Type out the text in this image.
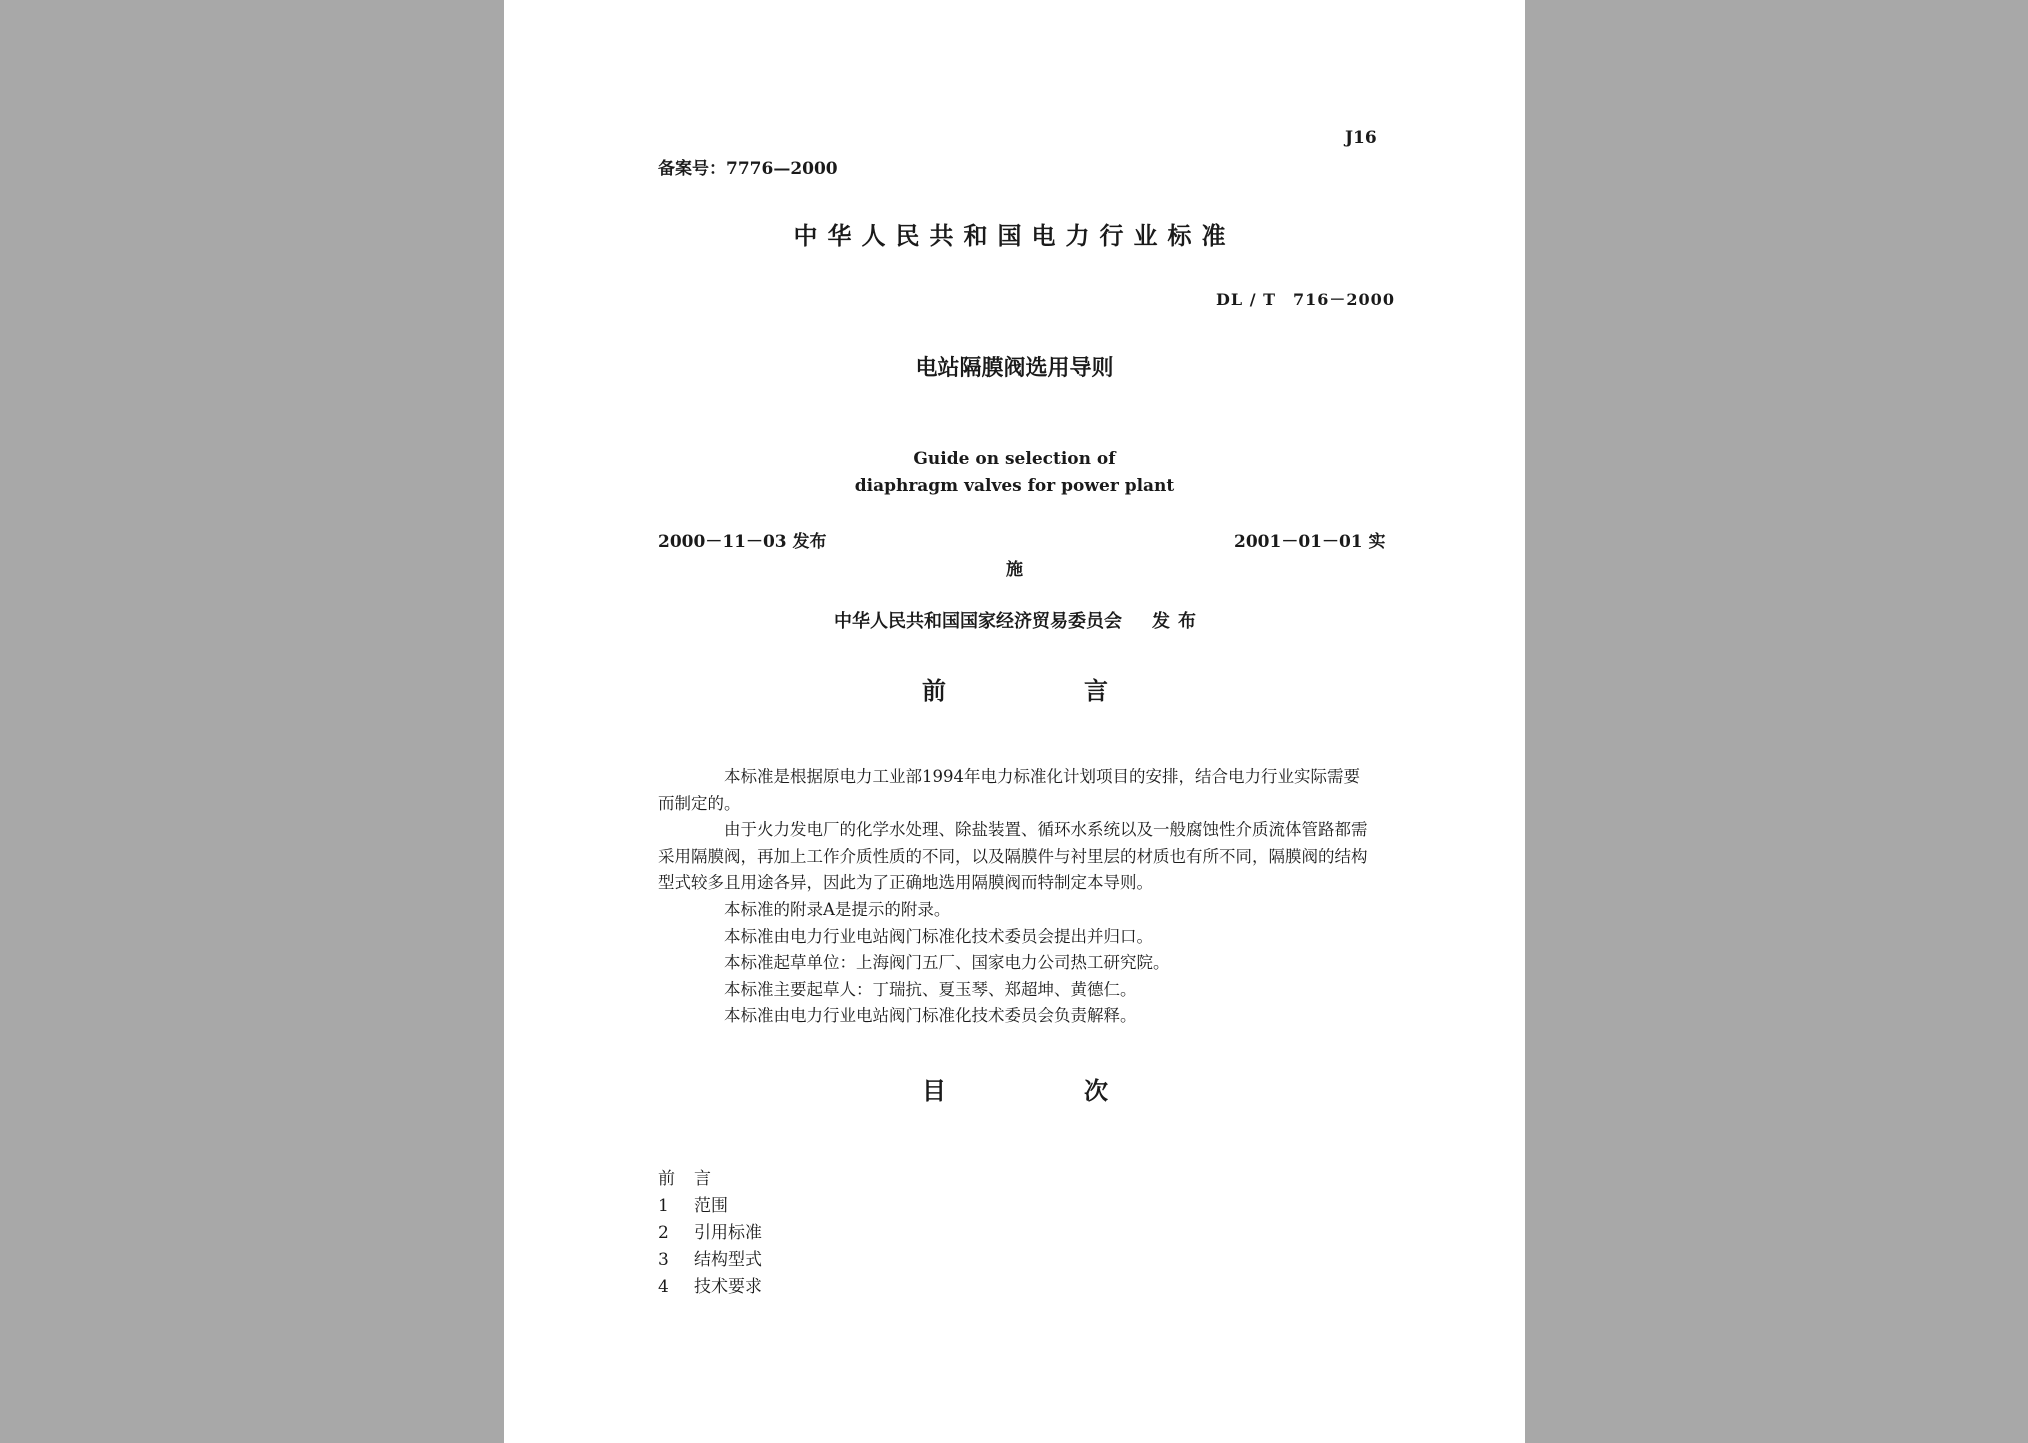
J16
备案号：7776—2000
中华人民共和国电力行业标准
DL / T　716－2000
电站隔膜阀选用导则
Guide on selection of
diaphragm valves for power plant
2000－11－03 发布	2001－01－01 实
施
中华人民共和国国家经济贸易委员会 发布
前	言

本标准是根据原电力工业部1994年电力标准化计划项目的安排，结合电力行业实际需要而制定的。

由于火力发电厂的化学水处理、除盐装置、循环水系统以及一般腐蚀性介质流体管路都需采用隔膜阀，再加上工作介质性质的不同，以及隔膜件与衬里层的材质也有所不同，隔膜阀的结构型式较多且用途各异，因此为了正确地选用隔膜阀而特制定本导则。

本标准的附录A是提示的附录。

本标准由电力行业电站阀门标准化技术委员会提出并归口。

本标准起草单位：上海阀门五厂、国家电力公司热工研究院。

本标准主要起草人：丁瑞抗、夏玉琴、郑超坤、黄德仁。

本标准由电力行业电站阀门标准化技术委员会负责解释。

目	次
前	言
1	范围
2	引用标准
3	结构型式
4	技术要求
